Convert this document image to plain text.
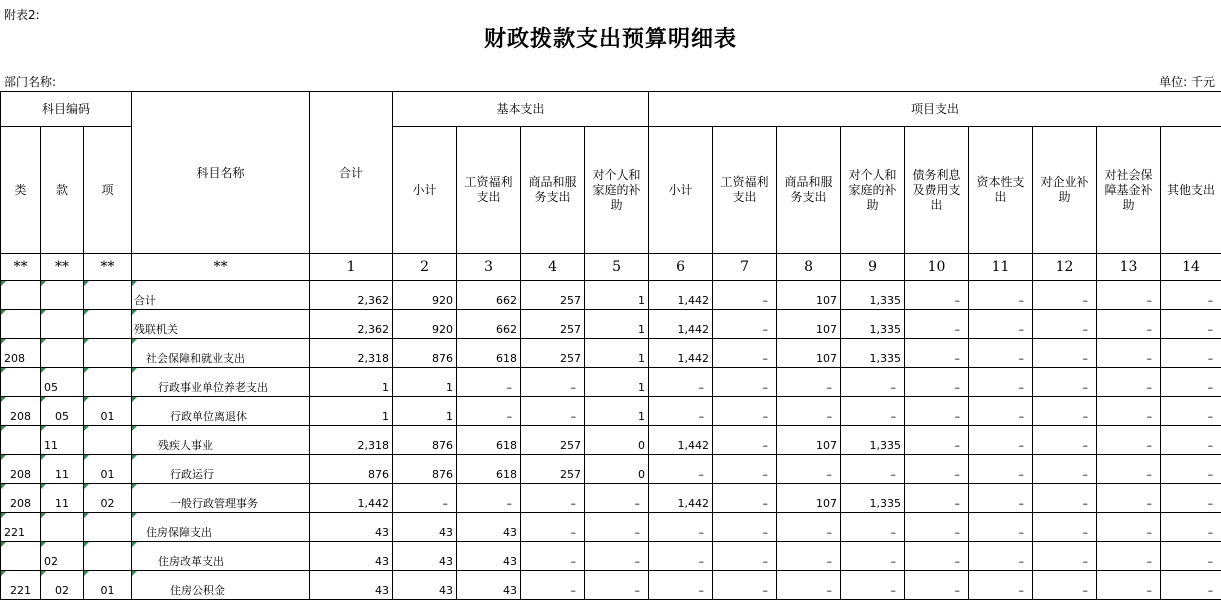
附表2:
财政拨款支出预算明细表
部门名称:	单位: 千元
科目编码			科目名称	合计	基本支出				项目支出								
类	款	项			小计	工资福利支出	商品和服务支出	对个人和家庭的补助	小计	工资福利支出	商品和服务支出	对个人和家庭的补助	债务利息及费用支出	资本性支出	对企业补助	对社会保障基金补助	其他支出
**	**	**	**	1	2	3	4	5	6	7	8	9	10	11	12	13	14
			合计	2,362	920	662	257	1	1,442	–	107	1,335	–	–	–	–	–
			残联机关	2,362	920	662	257	1	1,442	–	107	1,335	–	–	–	–	–
208			社会保障和就业支出	2,318	876	618	257	1	1,442	–	107	1,335	–	–	–	–	–
	05		行政事业单位养老支出	1	1	–	–	1	–	–	–	–	–	–	–	–	–
208	05	01	行政单位离退休	1	1	–	–	1	–	–	–	–	–	–	–	–	–
	11		残疾人事业	2,318	876	618	257	0	1,442	–	107	1,335	–	–	–	–	–
208	11	01	行政运行	876	876	618	257	0	–	–	–	–	–	–	–	–	–
208	11	02	一般行政管理事务	1,442	–	–	–	–	1,442	–	107	1,335	–	–	–	–	–
221			住房保障支出	43	43	43	–	–	–	–	–	–	–	–	–	–	–
	02		住房改革支出	43	43	43	–	–	–	–	–	–	–	–	–	–	–
221	02	01	住房公积金	43	43	43	–	–	–	–	–	–	–	–	–	–	–
